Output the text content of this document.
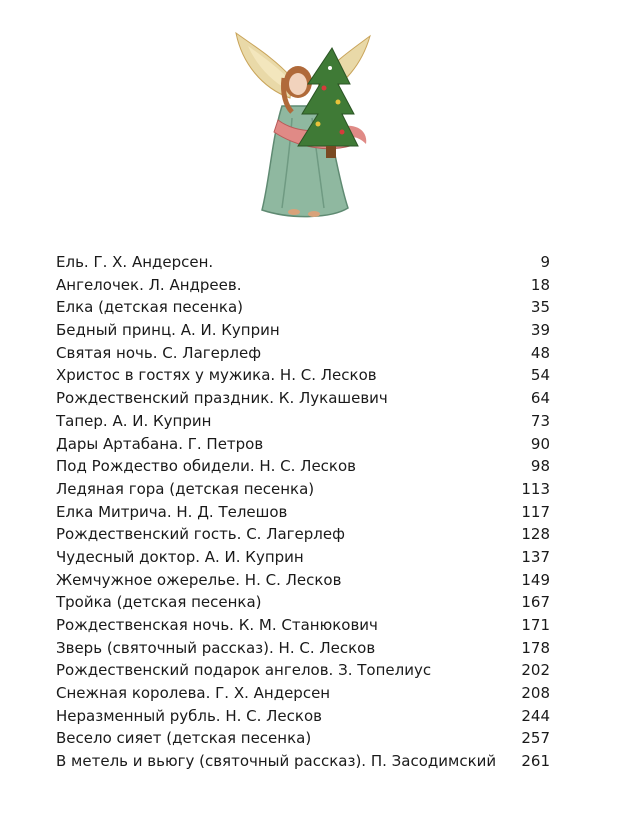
Ель. Г. Х. Андерсен.	9
Ангелочек. Л. Андреев.	18
Елка (детская песенка)	35
Бедный принц. А. И. Куприн	39
Святая ночь. С. Лагерлеф	48
Христос в гостях у мужика. Н. С. Лесков	54
Рождественский праздник. К. Лукашевич	64
Тапер. А. И. Куприн	73
Дары Артабана. Г. Петров	90
Под Рождество обидели. Н. С. Лесков	98
Ледяная гора (детская песенка)	113
Елка Митрича. Н. Д. Телешов	117
Рождественский гость. С. Лагерлеф	128
Чудесный доктор. А. И. Куприн	137
Жемчужное ожерелье. Н. С. Лесков	149
Тройка (детская песенка)	167
Рождественская ночь. К. М. Станюкович	171
Зверь (святочный рассказ). Н. С. Лесков	178
Рождественский подарок ангелов. З. Топелиус	202
Снежная королева. Г. Х. Андерсен	208
Неразменный рубль. Н. С. Лесков	244
Весело сияет (детская песенка)	257
В метель и вьюгу (святочный рассказ). П. Засодимский	261
